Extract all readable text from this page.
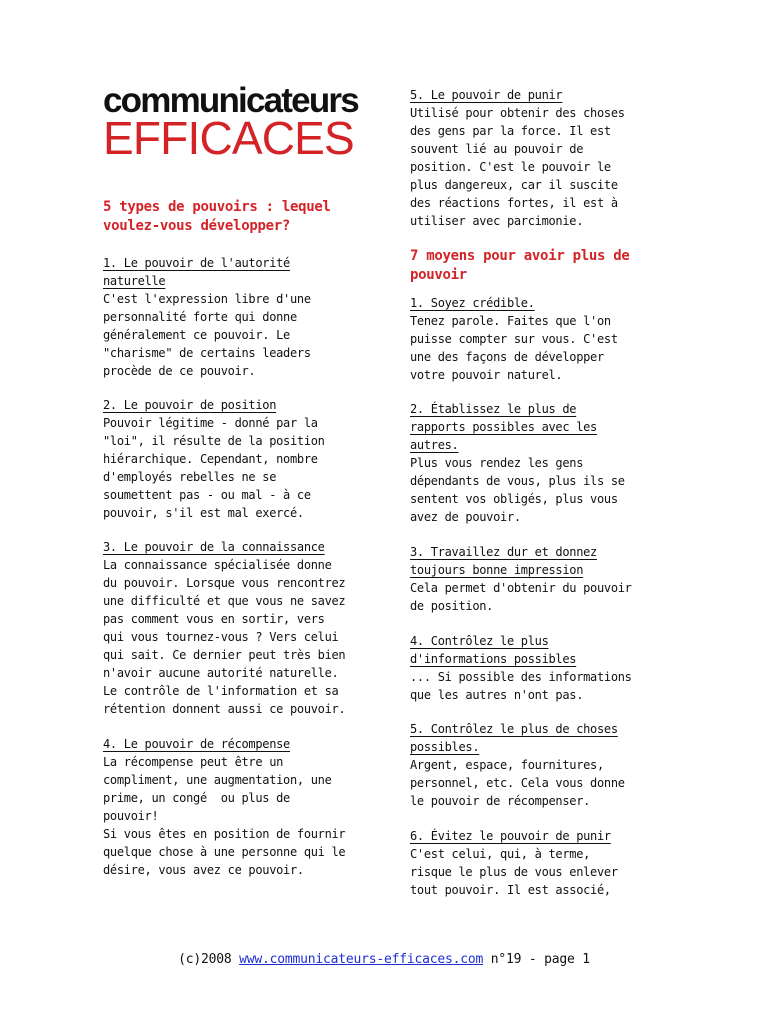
communicateurs
EFFICACES
5 types de pouvoirs : lequel voulez-vous développer?
1. Le pouvoir de l'autorité
naturelle
C'est l'expression libre d'une
personnalité forte qui donne
généralement ce pouvoir. Le
"charisme" de certains leaders
procède de ce pouvoir.
2. Le pouvoir de position
Pouvoir légitime - donné par la
"loi", il résulte de la position
hiérarchique. Cependant, nombre
d'employés rebelles ne se
soumettent pas - ou mal - à ce
pouvoir, s'il est mal exercé.
3. Le pouvoir de la connaissance
La connaissance spécialisée donne
du pouvoir. Lorsque vous rencontrez
une difficulté et que vous ne savez
pas comment vous en sortir, vers
qui vous tournez-vous ? Vers celui
qui sait. Ce dernier peut très bien
n'avoir aucune autorité naturelle.
Le contrôle de l'information et sa
rétention donnent aussi ce pouvoir.
4. Le pouvoir de récompense
La récompense peut être un
compliment, une augmentation, une
prime, un congé  ou plus de
pouvoir!
Si vous êtes en position de fournir
quelque chose à une personne qui le
désire, vous avez ce pouvoir.
5. Le pouvoir de punir
Utilisé pour obtenir des choses
des gens par la force. Il est
souvent lié au pouvoir de
position. C'est le pouvoir le
plus dangereux, car il suscite
des réactions fortes, il est à
utiliser avec parcimonie.
7 moyens pour avoir plus de pouvoir
1. Soyez crédible.
Tenez parole. Faites que l'on
puisse compter sur vous. C'est
une des façons de développer
votre pouvoir naturel.
2. Établissez le plus de
rapports possibles avec les
autres.
Plus vous rendez les gens
dépendants de vous, plus ils se
sentent vos obligés, plus vous
avez de pouvoir.
3. Travaillez dur et donnez
toujours bonne impression
Cela permet d'obtenir du pouvoir
de position.
4. Contrôlez le plus
d'informations possibles
... Si possible des informations
que les autres n'ont pas.
5. Contrôlez le plus de choses
possibles.
Argent, espace, fournitures,
personnel, etc. Cela vous donne
le pouvoir de récompenser.
6. Évitez le pouvoir de punir
C'est celui, qui, à terme,
risque le plus de vous enlever
tout pouvoir. Il est associé,
(c)2008 www.communicateurs-efficaces.com n°19 - page 1
